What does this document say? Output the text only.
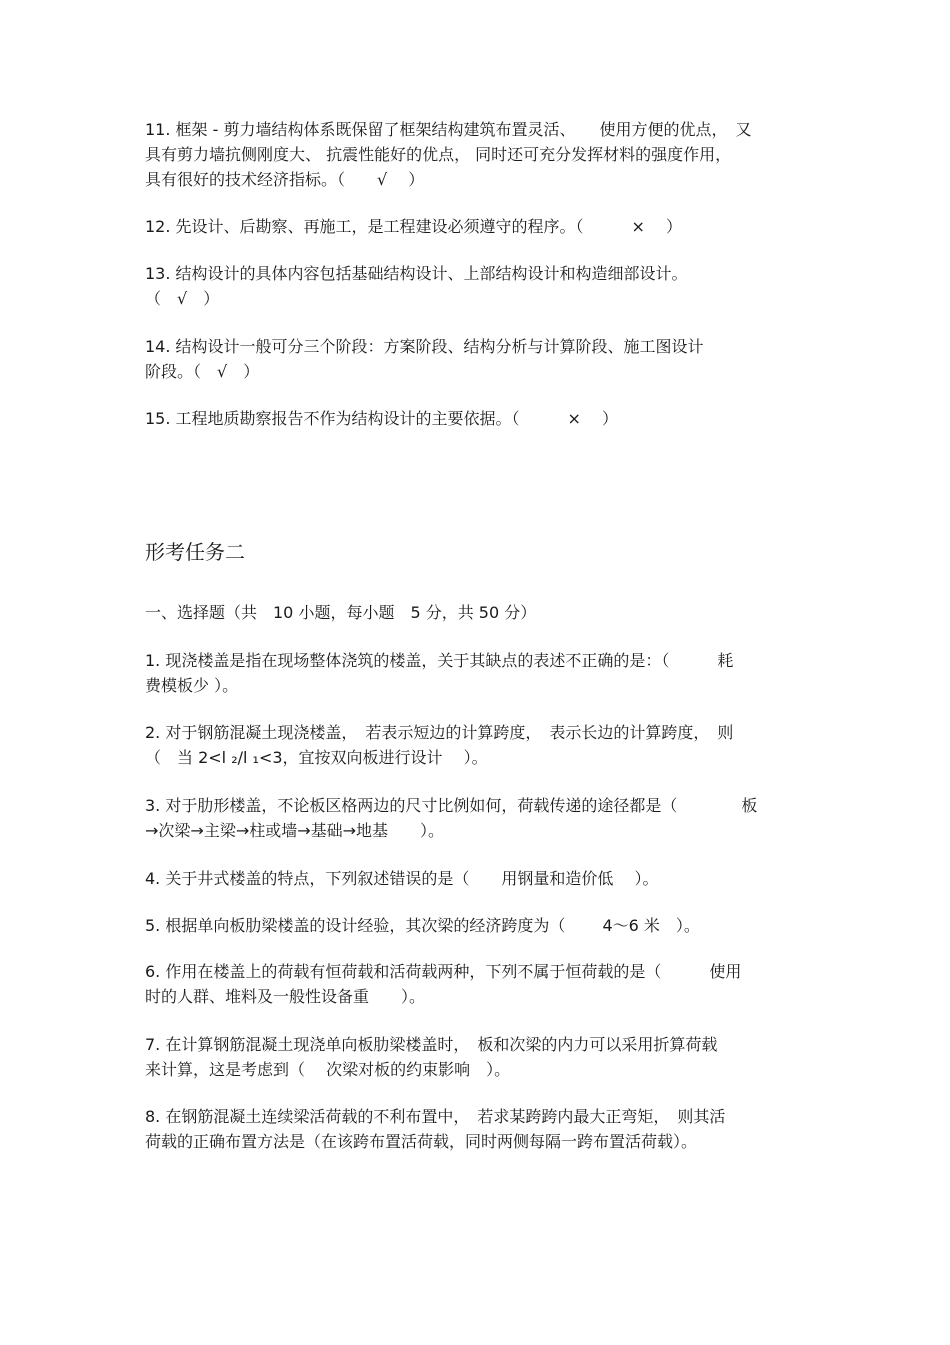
11. 框架 - 剪力墙结构体系既保留了框架结构建筑布置灵活、　　使用方便的优点，　又
具有剪力墙抗侧刚度大、 抗震性能好的优点， 同时还可充分发挥材料的强度作用，
具有很好的技术经济指标。（　　√　 ）
12. 先设计、后勘察、再施工，是工程建设必须遵守的程序。（　　　×　 ）
13. 结构设计的具体内容包括基础结构设计、上部结构设计和构造细部设计。
（　√　）
14. 结构设计一般可分三个阶段：方案阶段、结构分析与计算阶段、施工图设计
阶段。（　√　）
15. 工程地质勘察报告不作为结构设计的主要依据。（　　　×　 ）
形考任务二
一、选择题（共　10 小题，每小题　5 分，共 50 分）
1. 现浇楼盖是指在现场整体浇筑的楼盖，关于其缺点的表述不正确的是：（　　　耗
费模板少 ）。
2. 对于钢筋混凝土现浇楼盖，　若表示短边的计算跨度，　表示长边的计算跨度，　则
（　当 2<l ₂/l ₁<3，宜按双向板进行设计　 ）。
3. 对于肋形楼盖，不论板区格两边的尺寸比例如何，荷载传递的途径都是（　　　　板
→次梁→主梁→柱或墙→基础→地基　　）。
4. 关于井式楼盖的特点，下列叙述错误的是（　　用钢量和造价低　 ）。
5. 根据单向板肋梁楼盖的设计经验，其次梁的经济跨度为（　　 4～6 米　）。
6. 作用在楼盖上的荷载有恒荷载和活荷载两种，下列不属于恒荷载的是（　　　使用
时的人群、堆料及一般性设备重　　）。
7. 在计算钢筋混凝土现浇单向板肋梁楼盖时，　板和次梁的内力可以采用折算荷载
来计算，这是考虑到（　 次梁对板的约束影响　）。
8. 在钢筋混凝土连续梁活荷载的不利布置中，　若求某跨跨内最大正弯矩，　则其活
荷载的正确布置方法是（在该跨布置活荷载，同时两侧每隔一跨布置活荷载）。
